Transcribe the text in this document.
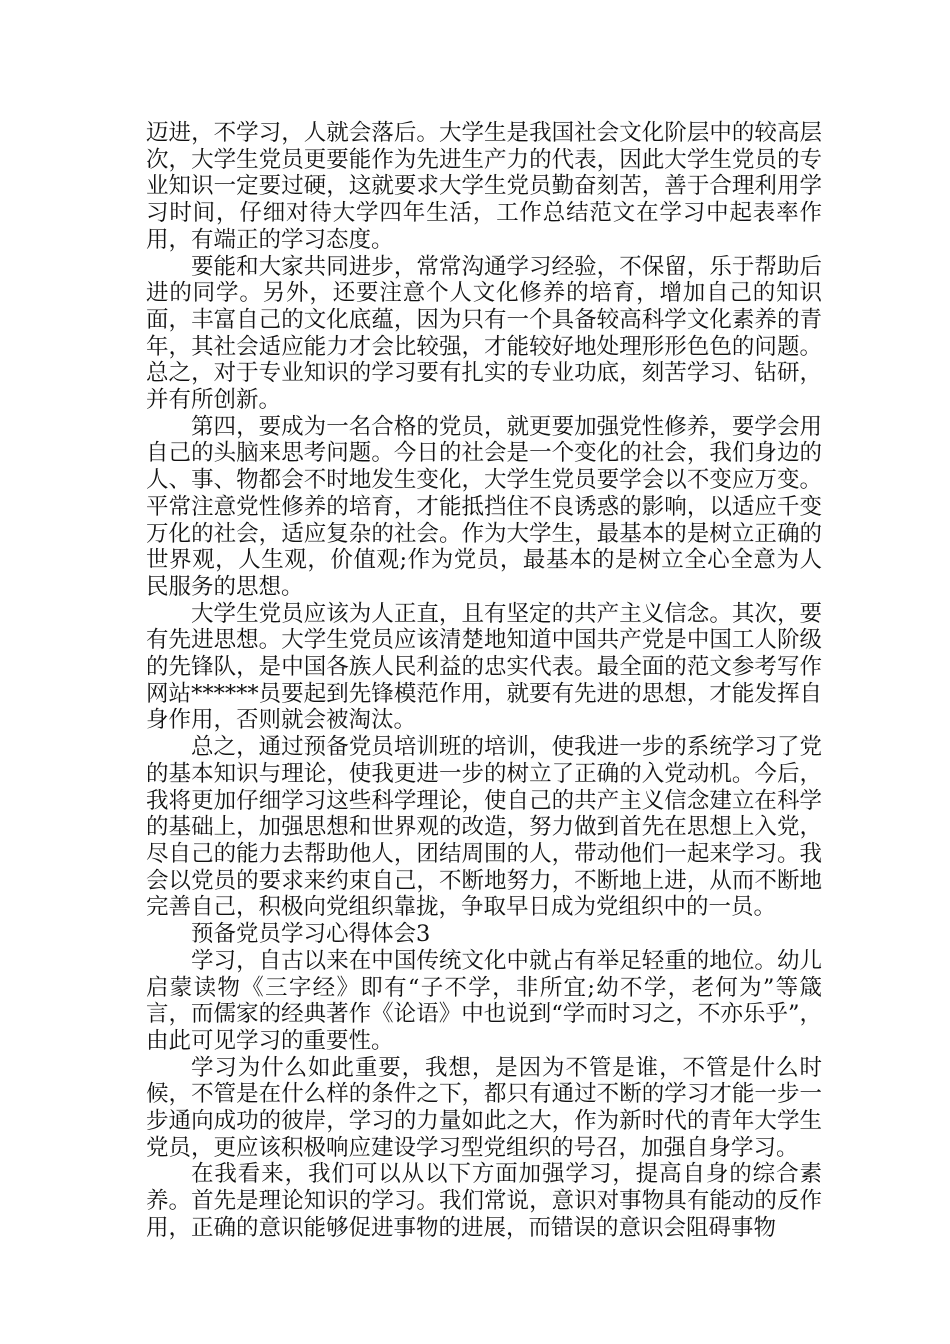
迈进，不学习，人就会落后。大学生是我国社会文化阶层中的较高层次，大学生党员更要能作为先进生产力的代表，因此大学生党员的专业知识一定要过硬，这就要求大学生党员勤奋刻苦，善于合理利用学习时间，仔细对待大学四年生活，工作总结范文在学习中起表率作用，有端正的学习态度。

要能和大家共同进步，常常沟通学习经验，不保留，乐于帮助后进的同学。另外，还要注意个人文化修养的培育，增加自己的知识面，丰富自己的文化底蕴，因为只有一个具备较高科学文化素养的青年，其社会适应能力才会比较强，才能较好地处理形形色色的问题。总之，对于专业知识的学习要有扎实的专业功底，刻苦学习、钻研，并有所创新。

第四，要成为一名合格的党员，就更要加强党性修养，要学会用自己的头脑来思考问题。今日的社会是一个变化的社会，我们身边的人、事、物都会不时地发生变化，大学生党员要学会以不变应万变。平常注意党性修养的培育，才能抵挡住不良诱惑的影响，以适应千变万化的社会，适应复杂的社会。作为大学生，最基本的是树立正确的世界观，人生观，价值观;作为党员，最基本的是树立全心全意为人民服务的思想。

大学生党员应该为人正直，且有坚定的共产主义信念。其次，要有先进思想。大学生党员应该清楚地知道中国共产党是中国工人阶级的先锋队，是中国各族人民利益的忠实代表。最全面的范文参考写作网站******员要起到先锋模范作用，就要有先进的思想，才能发挥自身作用，否则就会被淘汰。

总之，通过预备党员培训班的培训，使我进一步的系统学习了党的基本知识与理论，使我更进一步的树立了正确的入党动机。今后，我将更加仔细学习这些科学理论，使自己的共产主义信念建立在科学的基础上，加强思想和世界观的改造，努力做到首先在思想上入党，尽自己的能力去帮助他人，团结周围的人，带动他们一起来学习。我会以党员的要求来约束自己，不断地努力，不断地上进，从而不断地完善自己，积极向党组织靠拢，争取早日成为党组织中的一员。

预备党员学习心得体会3

学习，自古以来在中国传统文化中就占有举足轻重的地位。幼儿启蒙读物《三字经》即有“子不学，非所宜;幼不学，老何为”等箴言，而儒家的经典著作《论语》中也说到“学而时习之，不亦乐乎”，由此可见学习的重要性。

学习为什么如此重要，我想，是因为不管是谁，不管是什么时候，不管是在什么样的条件之下，都只有通过不断的学习才能一步一步通向成功的彼岸，学习的力量如此之大，作为新时代的青年大学生党员，更应该积极响应建设学习型党组织的号召，加强自身学习。

在我看来，我们可以从以下方面加强学习，提高自身的综合素养。首先是理论知识的学习。我们常说，意识对事物具有能动的反作用，正确的意识能够促进事物的进展，而错误的意识会阻碍事物
